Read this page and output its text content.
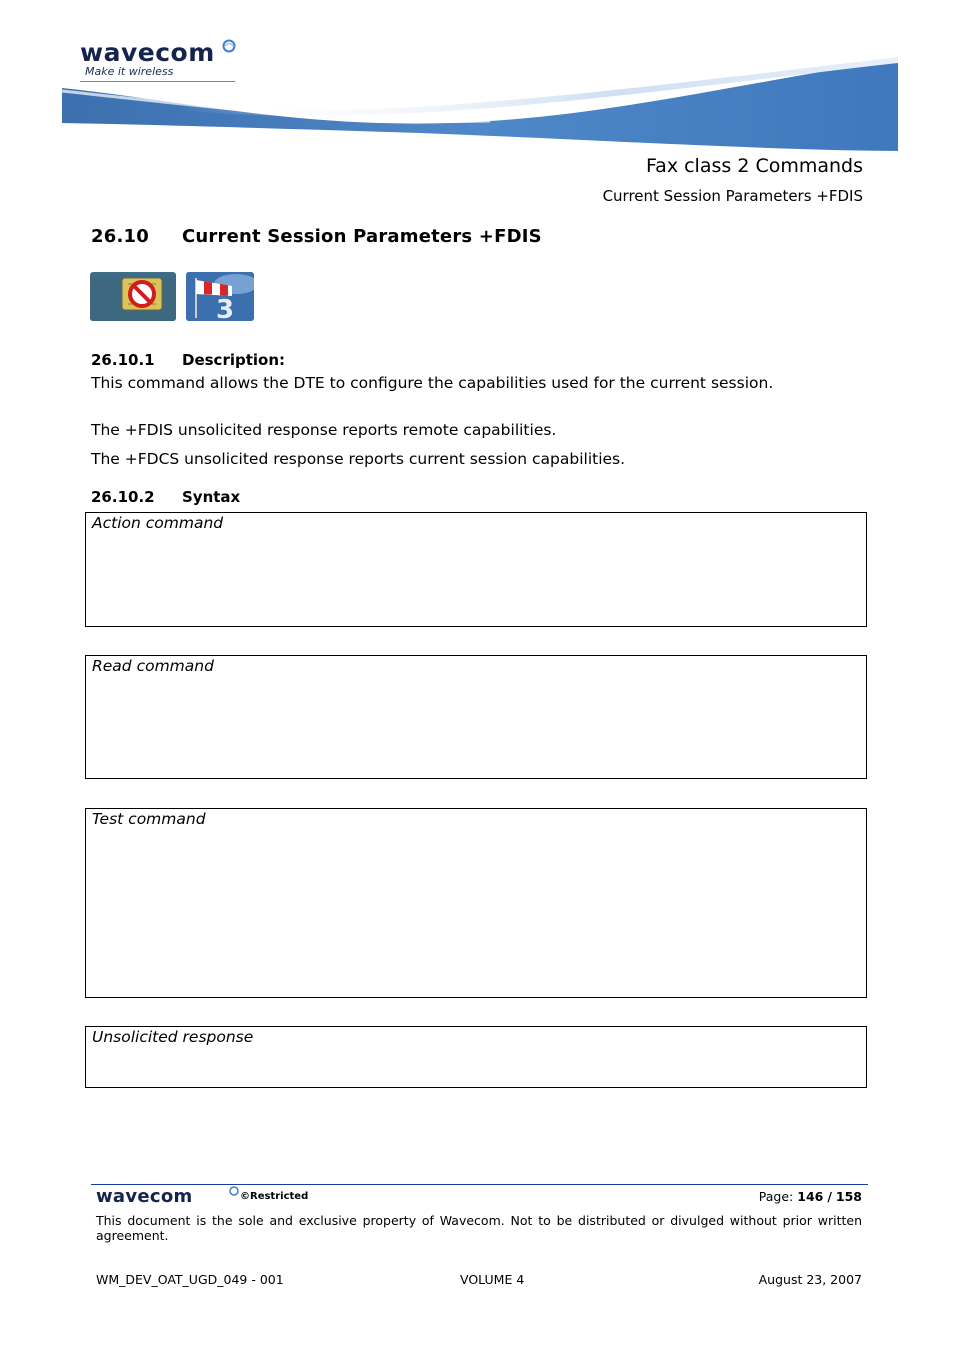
wavecom
Make it wireless
Fax class 2 Commands
Current Session Parameters +FDIS
26.10 Current Session Parameters +FDIS
3
26.10.1 Description:
This command allows the DTE to configure the capabilities used for the current session.
The +FDIS unsolicited response reports remote capabilities.
The +FDCS unsolicited response reports current session capabilities.
26.10.2 Syntax
Action command
Read command
Test command
Unsolicited response
wavecom	©Restricted	Page: 146 / 158
This document is the sole and exclusive property of Wavecom. Not to be distributed or divulged without prior written agreement.
WM_DEV_OAT_UGD_049 - 001	VOLUME 4	August 23, 2007
